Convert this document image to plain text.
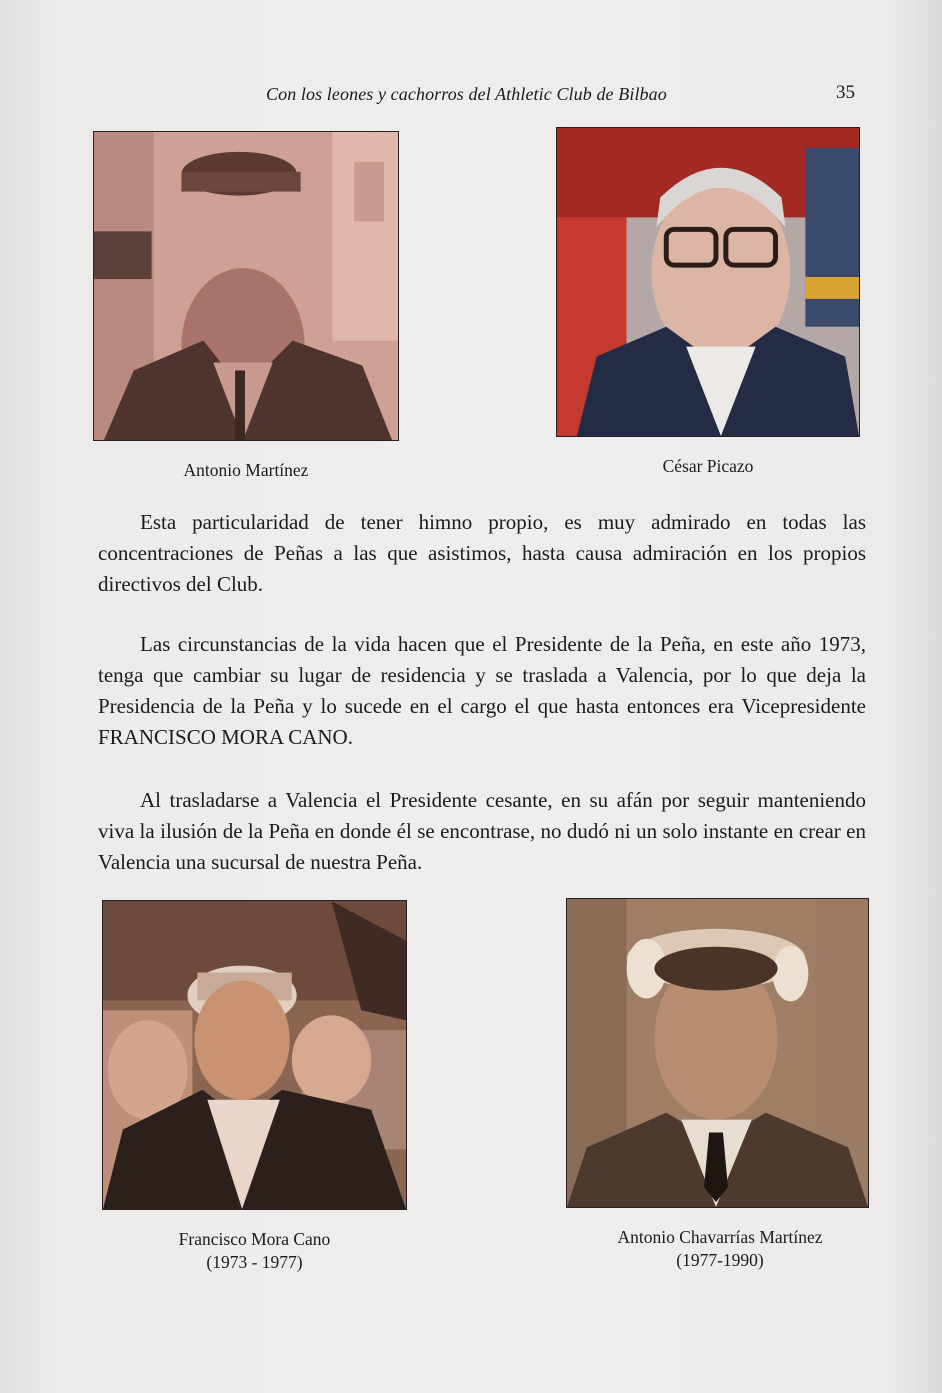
Con los leones y cachorros del Athletic Club de Bilbao	35
Antonio Martínez	César Picazo

Esta particularidad de tener himno propio, es muy admirado en todas las concentraciones de Peñas a las que asistimos, hasta causa admiración en los propios directivos del Club.

Las circunstancias de la vida hacen que el Presidente de la Peña, en este año 1973, tenga que cambiar su lugar de residencia y se traslada a Valencia, por lo que deja la Presidencia de la Peña y lo sucede en el cargo el que hasta entonces era Vicepresidente FRANCISCO MORA CANO.

Al trasladarse a Valencia el Presidente cesante, en su afán por seguir manteniendo viva la ilusión de la Peña en donde él se encontrase, no dudó ni un solo instante en crear en Valencia una sucursal de nuestra Peña.

Francisco Mora Cano
(1973 - 1977)
Antonio Chavarrías Martínez
(1977-1990)
